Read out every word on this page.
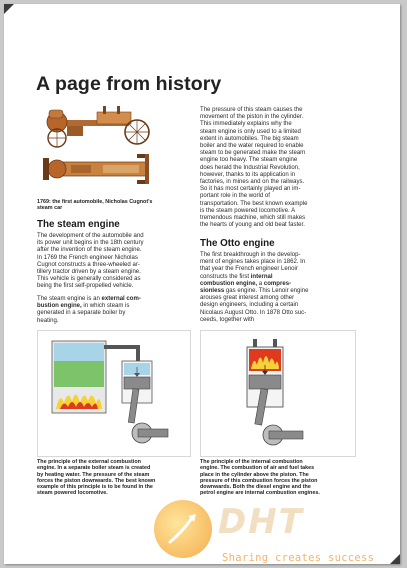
A page from history
1769: the first automobile, Nicholas Cugnot's
steam car
The steam engine
The development of the automobile and
its power unit begins in the 18th century
after the invention of the steam engine.
In 1769 the French engineer Nicholas
Cugnot constructs a three-wheeled ar-
tillery tractor driven by a steam engine.
This vehicle is generally considered as
being the first self-propelled vehicle.
The steam engine is an external com-
bustion engine, in which steam is
generated in a separate boiler by
heating.
The principle of the external combustion
engine. In a separate boiler steam is created
by heating water. The pressure of the steam
forces the piston downwards. The best known
example of this principle is to be found in the
steam powered locomotive.
The pressure of this steam causes the
movement of the piston in the cylinder.
This immediately explains why the
steam engine is only used to a limited
extent in automobiles. The big steam
boiler and the water required to enable
steam to be generated make the steam
engine too heavy. The steam engine
does herald the Industrial Revolution,
however, thanks to its application in
factories, in mines and on the railways.
So it has most certainly played an im-
portant role in the world of
transportation. The best known example
is the steam powered locomotive. A
tremendous machine, which still makes
the hearts of young and old beat faster.
The Otto engine
The first breakthrough in the develop-
ment of engines takes place in 1862. In
that year the French engineer Lenoir
constructs the first internal
combustion engine, a compres-
sionless gas engine. This Lenoir engine
arouses great interest among other
design engineers, including a certain
Nicolaus August Otto. In 1878 Otto suc-
ceeds, together with
The principle of the internal combustion
engine. The combustion of air and fuel takes
place in the cylinder above the piston. The
pressure of this combustion forces the piston
downwards. Both the diesel engine and the
petrol engine are internal combustion engines.
DHT
Sharing creates success
